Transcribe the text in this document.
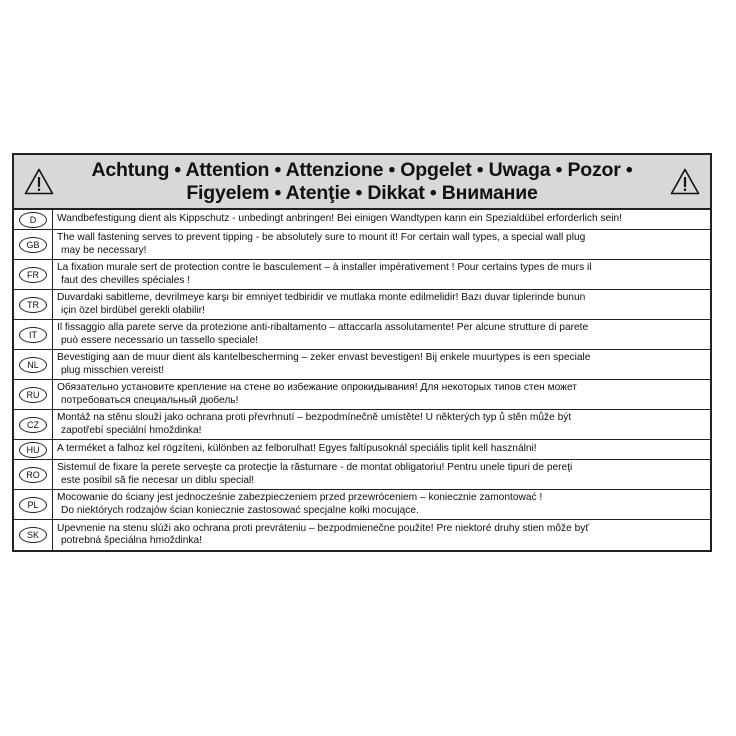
Achtung • Attention • Attenzione • Opgelet • Uwaga • Pozor •
Figyelem • Atenţie • Dikkat • Внимание
D	Wandbefestigung dient als Kippschutz - unbedingt anbringen! Bei einigen Wandtypen kann ein Spezialdübel erforderlich sein!
GB
The wall fastening serves to prevent tipping - be absolutely sure to mount it! For certain wall types, a special wall plug
may be necessary!
FR
La fixation murale sert de protection contre le basculement – à installer impérativement ! Pour certains types de murs il
faut des chevilles spéciales !
TR
Duvardaki sabitleme, devrilmeye karşı bir emniyet tedbiridir ve mutlaka monte edilmelidir! Bazı duvar tiplerinde bunun
için özel birdübel gerekli olabilir!
IT
Il fissaggio alla parete serve da protezione anti-ribaltamento – attaccarla assolutamente! Per alcune strutture di parete
può essere necessario un tassello speciale!
NL
Bevestiging aan de muur dient als kantelbescherming – zeker envast bevestigen! Bij enkele muurtypes is een speciale
plug misschien vereist!
RU
Обязательно установите крепление на стене во избежание опрокидывания! Для некоторых типов стен может
потребоваться специальный дюбель!
CZ
Montáž na stěnu slouží jako ochrana proti převrhnutí – bezpodmínečně umístěte! U některých typ ů stěn může být
zapotřebí speciální hmoždinka!
HU	A terméket a falhoz kel rögzíteni, különben az felborulhat! Egyes faltípusoknál speciális tiplit kell használni!
RO
Sistemul de fixare la perete serveşte ca protecţie la răsturnare - de montat obligatoriu! Pentru unele tipuri de pereţi
este posibil să fie necesar un diblu special!
PL
Mocowanie do ściany jest jednocześnie zabezpieczeniem przed przewróceniem – koniecznie zamontować !
Do niektórych rodzajów ścian koniecznie zastosować specjalne kołki mocujące.
SK
Upevnenie na stenu slúži ako ochrana proti prevráteniu – bezpodmienečne použite! Pre niektoré druhy stien môže byť
potrebná špeciálna hmoždinka!
